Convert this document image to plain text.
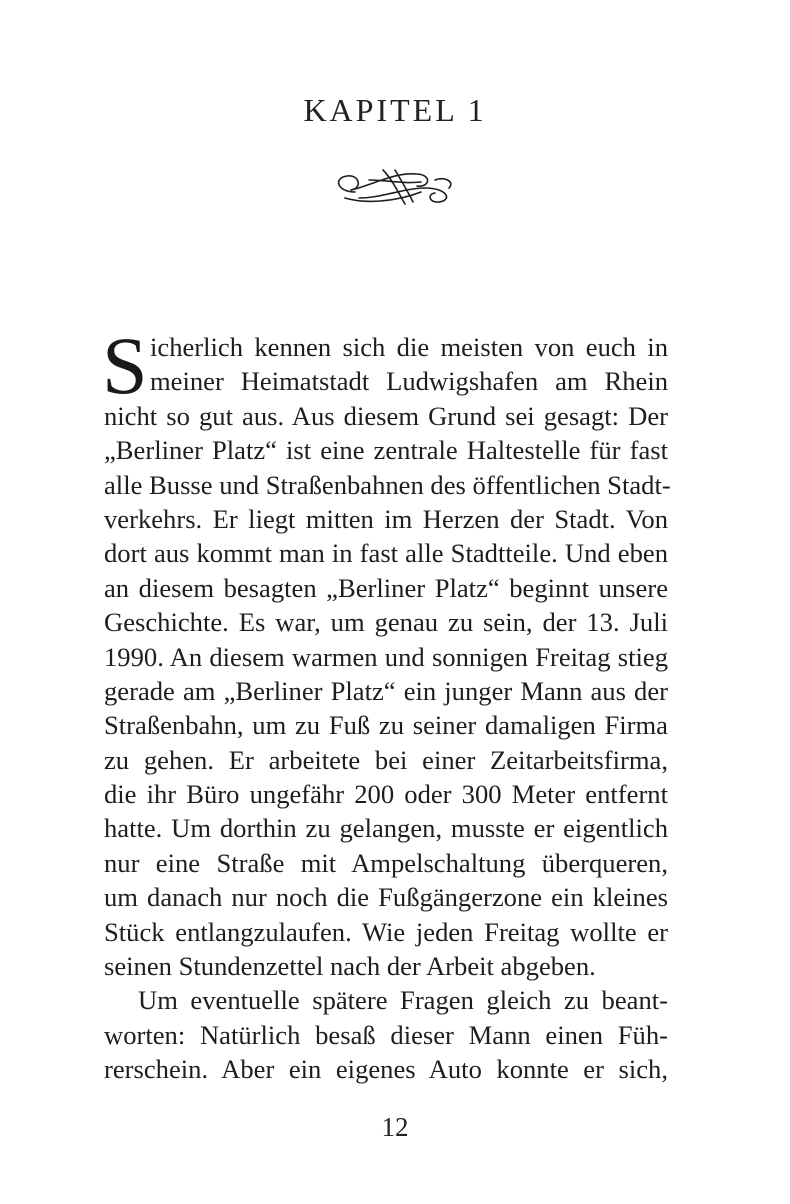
KAPITEL 1
S icherlich kennen sich die meisten von euch in
meiner Heimatstadt Ludwigshafen am Rhein
nicht so gut aus. Aus diesem Grund sei gesagt: Der
„Berliner Platz“ ist eine zentrale Haltestelle für fast
alle Busse und Straßenbahnen des öffentlichen Stadt-
verkehrs. Er liegt mitten im Herzen der Stadt. Von
dort aus kommt man in fast alle Stadtteile. Und eben
an diesem besagten „Berliner Platz“ beginnt unsere
Geschichte. Es war, um genau zu sein, der 13. Juli
1990. An diesem warmen und sonnigen Freitag stieg
gerade am „Berliner Platz“ ein junger Mann aus der
Straßenbahn, um zu Fuß zu seiner damaligen Firma
zu gehen. Er arbeitete bei einer Zeitarbeitsfirma,
die ihr Büro ungefähr 200 oder 300 Meter entfernt
hatte. Um dorthin zu gelangen, musste er eigentlich
nur eine Straße mit Ampelschaltung überqueren,
um danach nur noch die Fußgängerzone ein kleines
Stück entlangzulaufen. Wie jeden Freitag wollte er
seinen Stundenzettel nach der Arbeit abgeben.
Um eventuelle spätere Fragen gleich zu beant-
worten: Natürlich besaß dieser Mann einen Füh-
rerschein. Aber ein eigenes Auto konnte er sich,
12
